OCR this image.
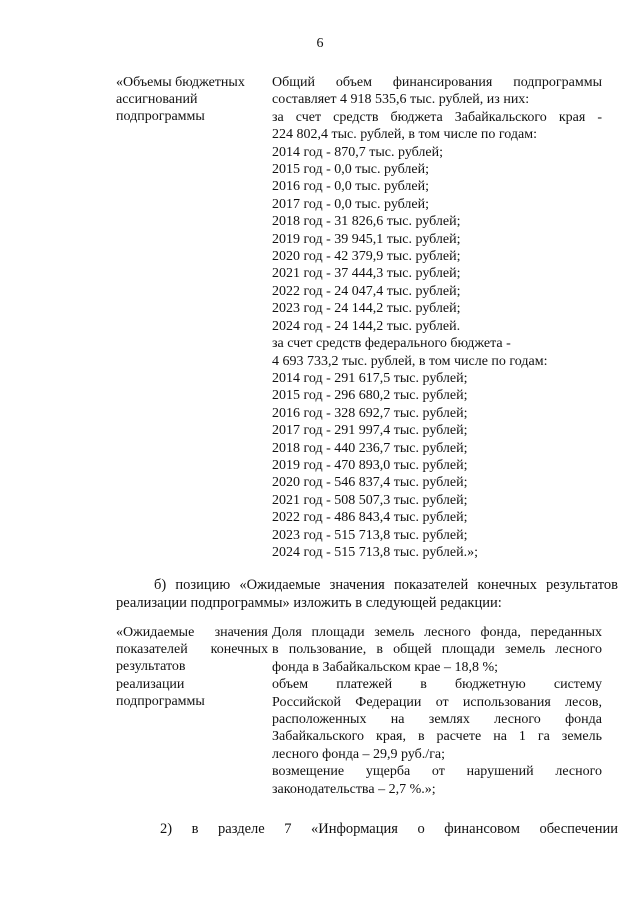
6
«Объемы бюджетных
ассигнований
подпрограммы
Общий объем финансирования подпрограммы
составляет 4 918 535,6 тыс. рублей, из них:
за счет средств бюджета Забайкальского края -
224 802,4 тыс. рублей, в том числе по годам:
2014 год - 870,7 тыс. рублей;
2015 год - 0,0 тыс. рублей;
2016 год - 0,0 тыс. рублей;
2017 год - 0,0 тыс. рублей;
2018 год - 31 826,6 тыс. рублей;
2019 год - 39 945,1 тыс. рублей;
2020 год - 42 379,9 тыс. рублей;
2021 год - 37 444,3 тыс. рублей;
2022 год - 24 047,4 тыс. рублей;
2023 год - 24 144,2 тыс. рублей;
2024 год - 24 144,2 тыс. рублей.
за счет средств федерального бюджета -
4 693 733,2 тыс. рублей, в том числе по годам:
2014 год - 291 617,5 тыс. рублей;
2015 год - 296 680,2 тыс. рублей;
2016 год - 328 692,7 тыс. рублей;
2017 год - 291 997,4 тыс. рублей;
2018 год - 440 236,7 тыс. рублей;
2019 год - 470 893,0 тыс. рублей;
2020 год - 546 837,4 тыс. рублей;
2021 год - 508 507,3 тыс. рублей;
2022 год - 486 843,4 тыс. рублей;
2023 год - 515 713,8 тыс. рублей;
2024 год - 515 713,8 тыс. рублей.»;
б) позицию «Ожидаемые значения показателей конечных результатов
реализации подпрограммы» изложить в следующей редакции:
«Ожидаемые значения
показателей конечных
результатов
реализации
подпрограммы
Доля площади земель лесного фонда, переданных
в пользование, в общей площади земель лесного
фонда в Забайкальском крае – 18,8 %;
объем платежей в бюджетную систему
Российской Федерации от использования лесов,
расположенных на землях лесного фонда
Забайкальского края, в расчете на 1 га земель
лесного фонда – 29,9 руб./га;
возмещение ущерба от нарушений лесного
законодательства – 2,7 %.»;
2) в разделе 7 «Информация о финансовом обеспечении
